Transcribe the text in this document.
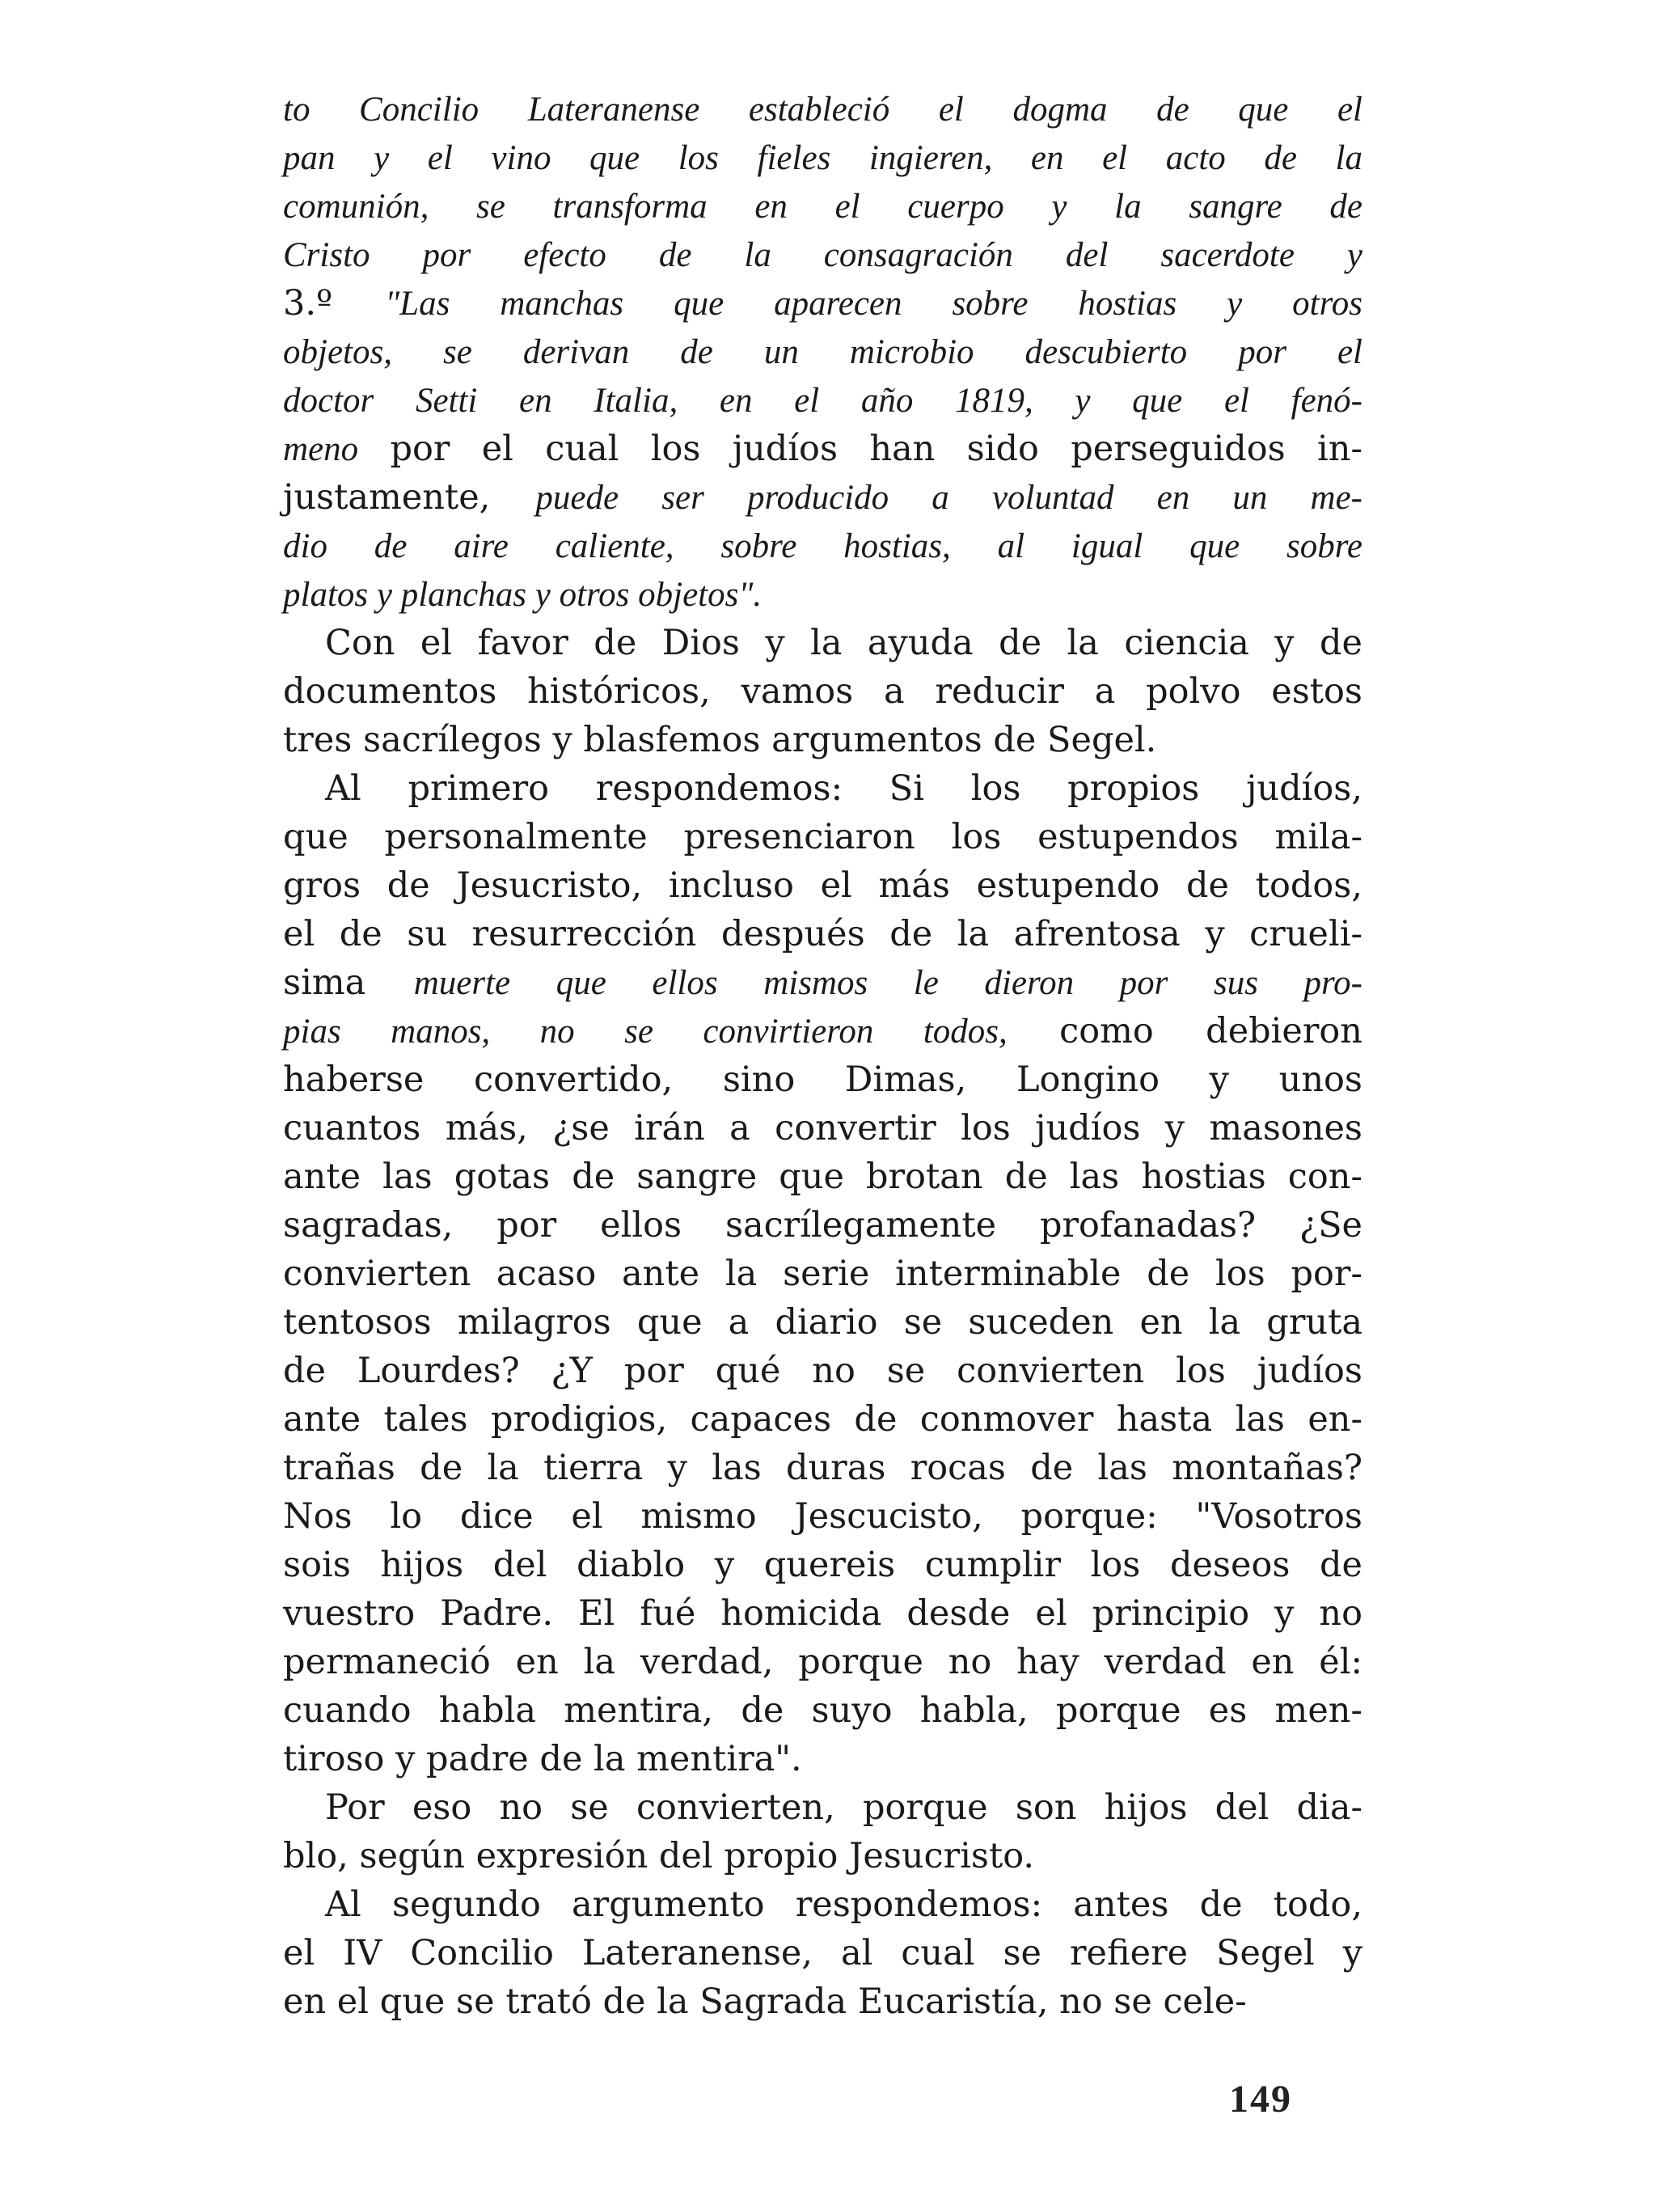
to Concilio Lateranense estableció el dogma de que el
pan y el vino que los fieles ingieren, en el acto de la
comunión, se transforma en el cuerpo y la sangre de
Cristo por efecto de la consagración del sacerdote y
3.º "Las manchas que aparecen sobre hostias y otros
objetos, se derivan de un microbio descubierto por el
doctor Setti en Italia, en el año 1819, y que el fenó-
meno por el cual los judíos han sido perseguidos in-
justamente, puede ser producido a voluntad en un me-
dio de aire caliente, sobre hostias, al igual que sobre
platos y planchas y otros objetos".
Con el favor de Dios y la ayuda de la ciencia y de
documentos históricos, vamos a reducir a polvo estos
tres sacrílegos y blasfemos argumentos de Segel.
Al primero respondemos: Si los propios judíos,
que personalmente presenciaron los estupendos mila-
gros de Jesucristo, incluso el más estupendo de todos,
el de su resurrección después de la afrentosa y crueli-
sima muerte que ellos mismos le dieron por sus pro-
pias manos, no se convirtieron todos, como debieron
haberse convertido, sino Dimas, Longino y unos
cuantos más, ¿se irán a convertir los judíos y masones
ante las gotas de sangre que brotan de las hostias con-
sagradas, por ellos sacrílegamente profanadas? ¿Se
convierten acaso ante la serie interminable de los por-
tentosos milagros que a diario se suceden en la gruta
de Lourdes? ¿Y por qué no se convierten los judíos
ante tales prodigios, capaces de conmover hasta las en-
trañas de la tierra y las duras rocas de las montañas?
Nos lo dice el mismo Jescucisto, porque: "Vosotros
sois hijos del diablo y quereis cumplir los deseos de
vuestro Padre. El fué homicida desde el principio y no
permaneció en la verdad, porque no hay verdad en él:
cuando habla mentira, de suyo habla, porque es men-
tiroso y padre de la mentira".
Por eso no se convierten, porque son hijos del dia-
blo, según expresión del propio Jesucristo.
Al segundo argumento respondemos: antes de todo,
el IV Concilio Lateranense, al cual se refiere Segel y
en el que se trató de la Sagrada Eucaristía, no se cele-
149
